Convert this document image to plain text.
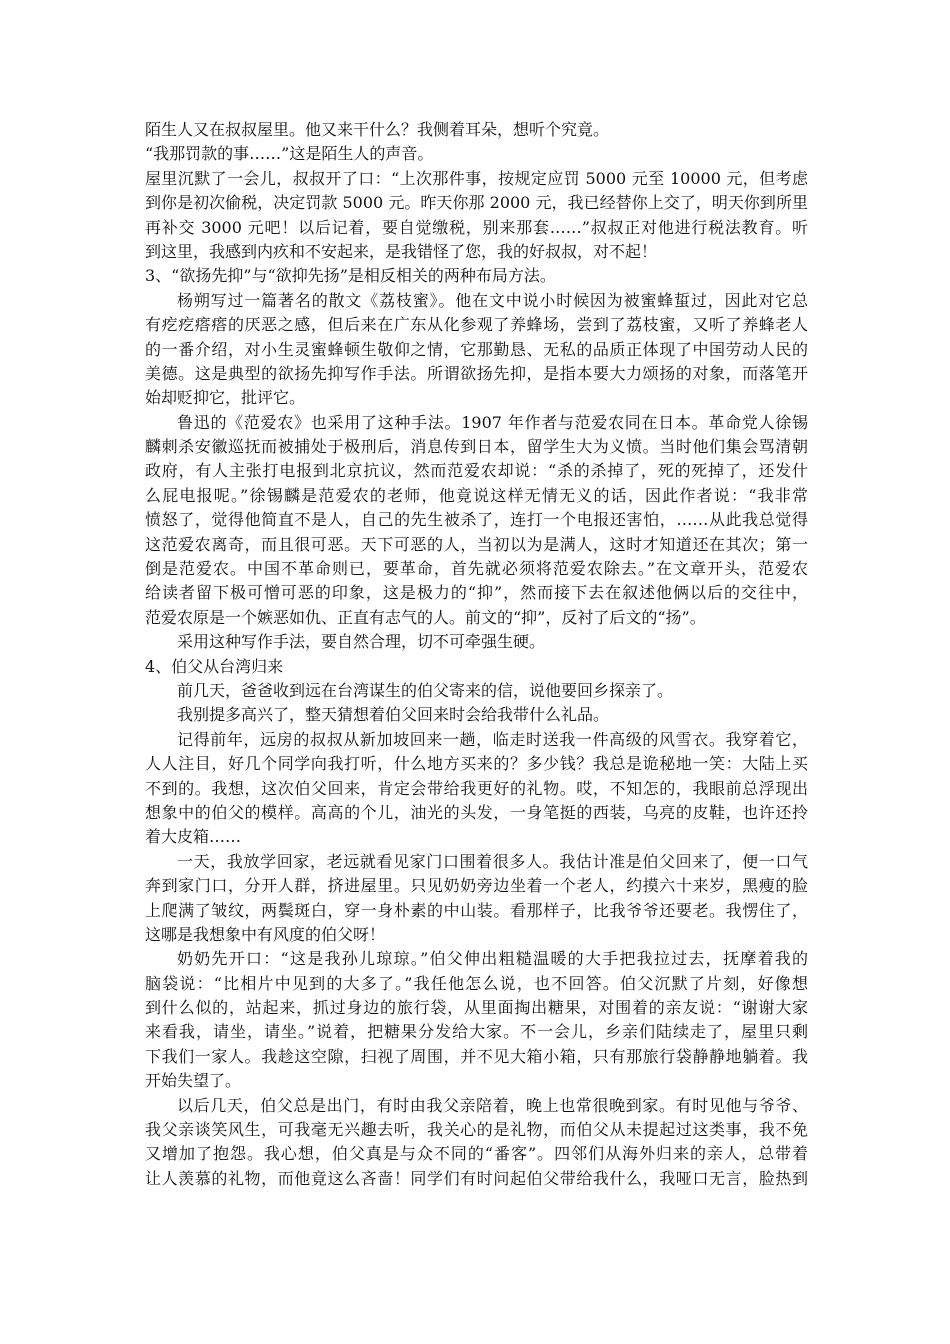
陌生人又在叔叔屋里。他又来干什么？我侧着耳朵，想听个究竟。
“我那罚款的事……”这是陌生人的声音。
屋里沉默了一会儿，叔叔开了口：“上次那件事，按规定应罚 5000 元至 10000 元，但考虑
到你是初次偷税，决定罚款 5000 元。昨天你那 2000 元，我已经替你上交了，明天你到所里
再补交 3000 元吧！以后记着，要自觉缴税，别来那套……”叔叔正对他进行税法教育。听
到这里，我感到内疚和不安起来，是我错怪了您，我的好叔叔，对不起！
3、“欲扬先抑”与“欲抑先扬”是相反相关的两种布局方法。
杨朔写过一篇著名的散文《荔枝蜜》。他在文中说小时候因为被蜜蜂蜇过，因此对它总
有疙疙瘩瘩的厌恶之感，但后来在广东从化参观了养蜂场，尝到了荔枝蜜，又听了养蜂老人
的一番介绍，对小生灵蜜蜂顿生敬仰之情，它那勤恳、无私的品质正体现了中国劳动人民的
美德。这是典型的欲扬先抑写作手法。所谓欲扬先抑，是指本要大力颂扬的对象，而落笔开
始却贬抑它，批评它。
鲁迅的《范爱农》也采用了这种手法。1907 年作者与范爱农同在日本。革命党人徐锡
麟刺杀安徽巡抚而被捕处于极刑后，消息传到日本，留学生大为义愤。当时他们集会骂清朝
政府，有人主张打电报到北京抗议，然而范爱农却说：“杀的杀掉了，死的死掉了，还发什
么屁电报呢。”徐锡麟是范爱农的老师，他竟说这样无情无义的话，因此作者说：“我非常
愤怒了，觉得他简直不是人，自己的先生被杀了，连打一个电报还害怕，……从此我总觉得
这范爱农离奇，而且很可恶。天下可恶的人，当初以为是满人，这时才知道还在其次；第一
倒是范爱农。中国不革命则已，要革命，首先就必须将范爱农除去。”在文章开头，范爱农
给读者留下极可憎可恶的印象，这是极力的“抑”，然而接下去在叙述他俩以后的交往中，
范爱农原是一个嫉恶如仇、正直有志气的人。前文的“抑”，反衬了后文的“扬”。
采用这种写作手法，要自然合理，切不可牵强生硬。
4、伯父从台湾归来
前几天，爸爸收到远在台湾谋生的伯父寄来的信，说他要回乡探亲了。
我别提多高兴了，整天猜想着伯父回来时会给我带什么礼品。
记得前年，远房的叔叔从新加坡回来一趟，临走时送我一件高级的风雪衣。我穿着它，
人人注目，好几个同学向我打听，什么地方买来的？多少钱？我总是诡秘地一笑：大陆上买
不到的。我想，这次伯父回来，肯定会带给我更好的礼物。哎，不知怎的，我眼前总浮现出
想象中的伯父的模样。高高的个儿，油光的头发，一身笔挺的西装，乌亮的皮鞋，也许还拎
着大皮箱……
一天，我放学回家，老远就看见家门口围着很多人。我估计准是伯父回来了，便一口气
奔到家门口，分开人群，挤进屋里。只见奶奶旁边坐着一个老人，约摸六十来岁，黑瘦的脸
上爬满了皱纹，两鬓斑白，穿一身朴素的中山装。看那样子，比我爷爷还要老。我愣住了，
这哪是我想象中有风度的伯父呀！
奶奶先开口：“这是我孙儿琼琼。”伯父伸出粗糙温暖的大手把我拉过去，抚摩着我的
脑袋说：“比相片中见到的大多了。”我任他怎么说，也不回答。伯父沉默了片刻，好像想
到什么似的，站起来，抓过身边的旅行袋，从里面掏出糖果，对围着的亲友说：“谢谢大家
来看我，请坐，请坐。”说着，把糖果分发给大家。不一会儿，乡亲们陆续走了，屋里只剩
下我们一家人。我趁这空隙，扫视了周围，并不见大箱小箱，只有那旅行袋静静地躺着。我
开始失望了。
以后几天，伯父总是出门，有时由我父亲陪着，晚上也常很晚到家。有时见他与爷爷、
我父亲谈笑风生，可我毫无兴趣去听，我关心的是礼物，而伯父从未提起过这类事，我不免
又增加了抱怨。我心想，伯父真是与众不同的“番客”。四邻们从海外归来的亲人，总带着
让人羡慕的礼物，而他竟这么吝啬！同学们有时问起伯父带给我什么，我哑口无言，脸热到
